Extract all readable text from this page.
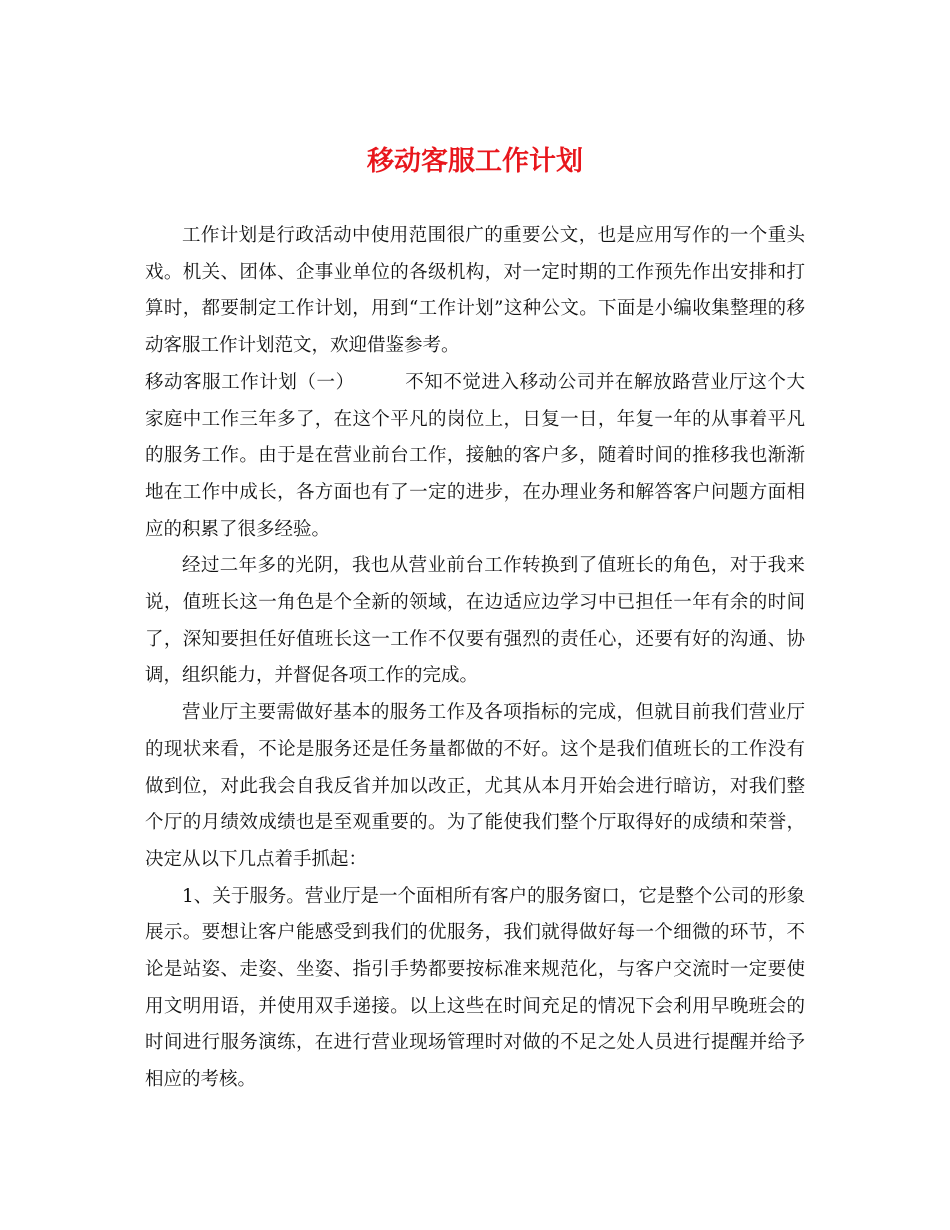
移动客服工作计划

工作计划是行政活动中使用范围很广的重要公文，也是应用写作的一个重头戏。机关、团体、企事业单位的各级机构，对一定时期的工作预先作出安排和打算时，都要制定工作计划，用到“工作计划”这种公文。下面是小编收集整理的移动客服工作计划范文，欢迎借鉴参考。

移动客服工作计划（一）	不知不觉进入移动公司并在解放路营业厅这个大家庭中工作三年多了，在这个平凡的岗位上，日复一日，年复一年的从事着平凡的服务工作。由于是在营业前台工作，接触的客户多，随着时间的推移我也渐渐地在工作中成长，各方面也有了一定的进步，在办理业务和解答客户问题方面相应的积累了很多经验。

经过二年多的光阴，我也从营业前台工作转换到了值班长的角色，对于我来说，值班长这一角色是个全新的领域，在边适应边学习中已担任一年有余的时间了，深知要担任好值班长这一工作不仅要有强烈的责任心，还要有好的沟通、协调，组织能力，并督促各项工作的完成。

营业厅主要需做好基本的服务工作及各项指标的完成，但就目前我们营业厅的现状来看，不论是服务还是任务量都做的不好。这个是我们值班长的工作没有做到位，对此我会自我反省并加以改正，尤其从本月开始会进行暗访，对我们整个厅的月绩效成绩也是至观重要的。为了能使我们整个厅取得好的成绩和荣誉，决定从以下几点着手抓起：

1、关于服务。营业厅是一个面相所有客户的服务窗口，它是整个公司的形象展示。要想让客户能感受到我们的优服务，我们就得做好每一个细微的环节，不论是站姿、走姿、坐姿、指引手势都要按标准来规范化，与客户交流时一定要使用文明用语，并使用双手递接。以上这些在时间充足的情况下会利用早晚班会的时间进行服务演练，在进行营业现场管理时对做的不足之处人员进行提醒并给予相应的考核。
